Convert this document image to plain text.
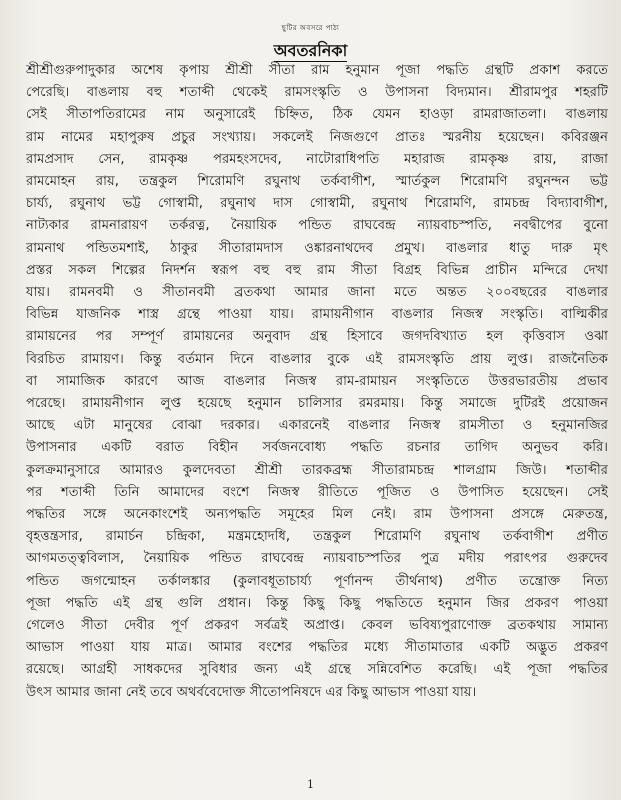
ছুটির অবসরে পাঠ্য
অবতরনিকা
শ্রীশ্রীগুরুপাদুকার অশেষ কৃপায় শ্রীশ্রী সীতা রাম হনুমান পূজা পদ্ধতি গ্রন্থটি প্রকাশ করতে
পেরেছি। বাঙলায় বহু শতাব্দী থেকেই রামসংস্কৃতি ও উপাসনা বিদ্যমান। শ্রীরামপুর শহরটি
সেই সীতাপতিরামের নাম অনুসারেই চিহ্নিত, ঠিক যেমন হাওড়া রামরাজাতলা। বাঙলায়
রাম নামের মহাপুরুষ প্রচুর সংখ্যায়। সকলেই নিজগুণে প্রাতঃ স্মরনীয় হয়েছেন। কবিরঞ্জন
রামপ্রসাদ সেন, রামকৃষ্ণ পরমহংসদেব, নাটোরাধিপতি মহারাজ রামকৃষ্ণ রায়, রাজা
রামমোহন রায়, তন্ত্রকুল শিরোমণি রঘুনাথ তর্কবাগীশ, স্মার্তকুল শিরোমণি রঘুনন্দন ভট্ট
চার্য্য, রঘুনাথ ভট্ট গোস্বামী, রঘুনাথ দাস গোস্বামী, রঘুনাথ শিরোমণি, রামচন্দ্র বিদ্যাবাগীশ,
নাট্যকার রামনারায়ণ তর্করত্ন, নৈয়ায়িক পন্ডিত রাঘবেন্দ্র ন্যায়বাচস্পতি, নবদ্বীপের বুনো
রামনাথ পন্ডিতমশাই, ঠাকুর সীতারামদাস ওঙ্কারনাথদেব প্রমুখ। বাঙলার ধাতু দারু মৃৎ
প্রস্তর সকল শিল্পের নিদর্শন স্বরূপ বহু বহু রাম সীতা বিগ্রহ বিভিন্ন প্রাচীন মন্দিরে দেখা
যায়। রামনবমী ও সীতানবমী ব্রতকথা আমার জানা মতে অন্তত ২০০বছরের বাঙলার
বিভিন্ন যাজনিক শাস্ত্র গ্রন্থে পাওয়া যায়। রামায়নীগান বাঙলার নিজস্ব সংস্কৃতি। বাল্মিকীর
রামায়নের পর সম্পূর্ণ রামায়নের অনুবাদ গ্রন্থ হিসাবে জগদবিখ্যাত হল কৃত্তিবাস ওঝা
বিরচিত রামায়ণ। কিন্তু বর্তমান দিনে বাঙলার বুকে এই রামসংস্কৃতি প্রায় লুপ্ত। রাজনৈতিক
বা সামাজিক কারণে আজ বাঙলার নিজস্ব রাম-রামায়ন সংস্কৃতিতে উত্তরভারতীয় প্রভাব
পরেছে। রামায়নীগান লুপ্ত হয়েছে হনুমান চালিসার রমরমায়। কিন্তু সমাজে দুটিরই প্রয়োজন
আছে এটা মানুষের বোঝা দরকার। একারনেই বাঙলার নিজস্ব রামসীতা ও হনুমানজির
উপাসনার একটি বরাত বিহীন সর্বজনবোধ্য পদ্ধতি রচনার তাগিদ অনুভব করি।
কুলক্রমানুসারে আমারও কুলদেবতা শ্রীশ্রী তারকব্রহ্ম সীতারামচন্দ্র শালগ্রাম জিউ। শতাব্দীর
পর শতাব্দী তিনি আমাদের বংশে নিজস্ব রীতিতে পূজিত ও উপাসিত হয়েছেন। সেই
পদ্ধতির সঙ্গে অনেকাংশেই অন্যপদ্ধতি সমূহের মিল নেই। রাম উপাসনা প্রসঙ্গে মেরুতন্ত্র,
বৃহত্তন্ত্রসার, রামার্চন চন্দ্রিকা, মন্ত্রমহোদধি, তন্ত্রকুল শিরোমণি রঘুনাথ তর্কবাগীশ প্রণীত
আগমতত্ত্ববিলাস, নৈয়ায়িক পন্ডিত রাঘবেন্দ্র ন্যায়বাচস্পতির পুত্র মদীয় পরাৎপর গুরুদেব
পন্ডিত জগন্মোহন তর্কালঙ্কার (কুলাবধূতাচার্য্য পূর্ণানন্দ তীর্থনাথ) প্রণীত তন্ত্রোক্ত নিত্য
পূজা পদ্ধতি এই গ্রন্থ গুলি প্রধান। কিন্তু কিছু কিছু পদ্ধতিতে হনুমান জির প্রকরণ পাওয়া
গেলেও সীতা দেবীর পূর্ণ প্রকরণ সর্বত্রই অপ্রাপ্ত। কেবল ভবিষ্যপুরাণোক্ত ব্রতকথায় সামান্য
আভাস পাওয়া যায় মাত্র। আমার বংশের পদ্ধতির মধ্যে সীতামাতার একটি অদ্ভুত প্রকরণ
রয়েছে। আগ্রহী সাধকদের সুবিধার জন্য এই গ্রন্থে সন্নিবেশিত করেছি। এই পূজা পদ্ধতির
উৎস আমার জানা নেই তবে অথর্ববেদোক্ত সীতোপনিষদে এর কিছু আভাস পাওয়া যায়।
1
